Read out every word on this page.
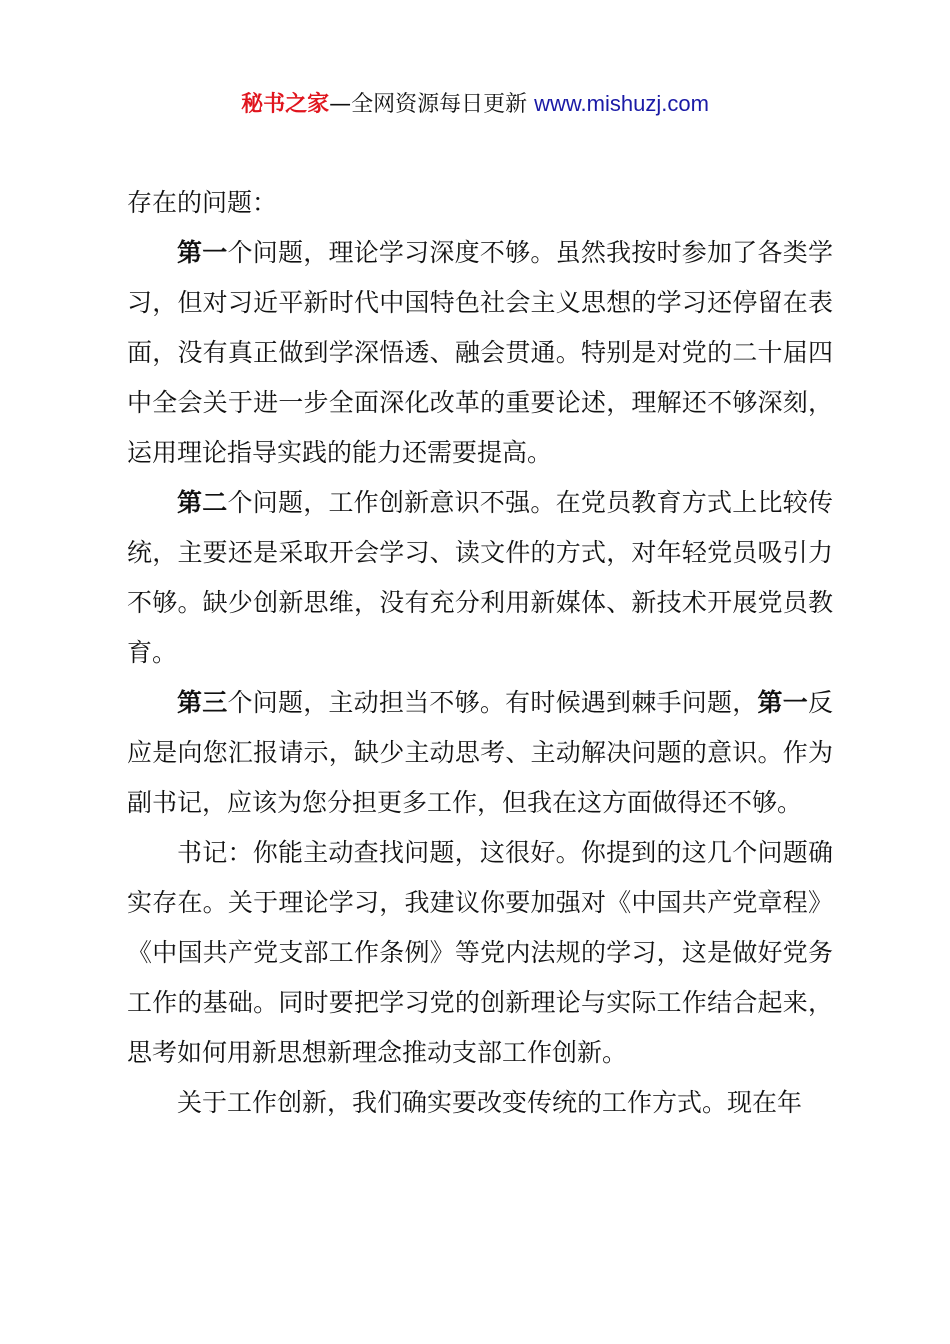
秘书之家—全网资源每日更新 www.mishuzj.com

存在的问题：

第一个问题，理论学习深度不够。虽然我按时参加了各类学习，但对习近平新时代中国特色社会主义思想的学习还停留在表面，没有真正做到学深悟透、融会贯通。特别是对党的二十届四中全会关于进一步全面深化改革的重要论述，理解还不够深刻，运用理论指导实践的能力还需要提高。

第二个问题，工作创新意识不强。在党员教育方式上比较传统，主要还是采取开会学习、读文件的方式，对年轻党员吸引力不够。缺少创新思维，没有充分利用新媒体、新技术开展党员教育。

第三个问题，主动担当不够。有时候遇到棘手问题，第一反应是向您汇报请示，缺少主动思考、主动解决问题的意识。作为副书记，应该为您分担更多工作，但我在这方面做得还不够。

书记：你能主动查找问题，这很好。你提到的这几个问题确实存在。关于理论学习，我建议你要加强对《中国共产党章程》《中国共产党支部工作条例》等党内法规的学习，这是做好党务工作的基础。同时要把学习党的创新理论与实际工作结合起来，思考如何用新思想新理念推动支部工作创新。

关于工作创新，我们确实要改变传统的工作方式。现在年
